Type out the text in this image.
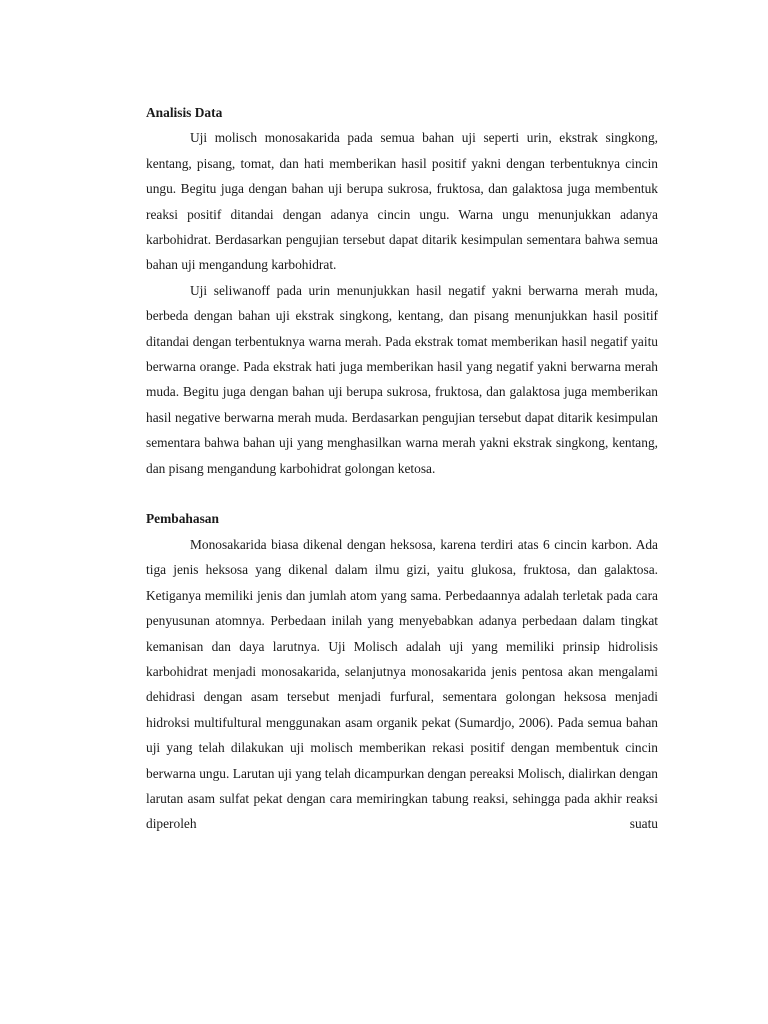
Analisis Data

Uji molisch monosakarida pada semua bahan uji seperti urin, ekstrak singkong, kentang, pisang, tomat, dan hati memberikan hasil positif yakni dengan terbentuknya cincin ungu. Begitu juga dengan bahan uji berupa sukrosa, fruktosa, dan galaktosa juga membentuk reaksi positif ditandai dengan adanya cincin ungu. Warna ungu menunjukkan adanya karbohidrat. Berdasarkan pengujian tersebut dapat ditarik kesimpulan sementara bahwa semua bahan uji mengandung karbohidrat.

Uji seliwanoff pada urin menunjukkan hasil negatif yakni berwarna merah muda, berbeda dengan bahan uji ekstrak singkong, kentang, dan pisang menunjukkan hasil positif ditandai dengan terbentuknya warna merah. Pada ekstrak tomat memberikan hasil negatif yaitu berwarna orange. Pada ekstrak hati juga memberikan hasil yang negatif yakni berwarna merah muda. Begitu juga dengan bahan uji berupa sukrosa, fruktosa, dan galaktosa juga memberikan hasil negative berwarna merah muda. Berdasarkan pengujian tersebut dapat ditarik kesimpulan sementara bahwa bahan uji yang menghasilkan warna merah yakni ekstrak singkong, kentang, dan pisang mengandung karbohidrat golongan ketosa.

Pembahasan

Monosakarida biasa dikenal dengan heksosa, karena terdiri atas 6 cincin karbon. Ada tiga jenis heksosa yang dikenal dalam ilmu gizi, yaitu glukosa, fruktosa, dan galaktosa. Ketiganya memiliki jenis dan jumlah atom yang sama. Perbedaannya adalah terletak pada cara penyusunan atomnya. Perbedaan inilah yang menyebabkan adanya perbedaan dalam tingkat kemanisan dan daya larutnya. Uji Molisch adalah uji yang memiliki prinsip hidrolisis karbohidrat menjadi monosakarida, selanjutnya monosakarida jenis pentosa akan mengalami dehidrasi dengan asam tersebut menjadi furfural, sementara golongan heksosa menjadi hidroksi multifultural menggunakan asam organik pekat (Sumardjo, 2006). Pada semua bahan uji yang telah dilakukan uji molisch memberikan rekasi positif dengan membentuk cincin berwarna ungu. Larutan uji yang telah dicampurkan dengan pereaksi Molisch, dialirkan dengan larutan asam sulfat pekat dengan cara memiringkan tabung reaksi, sehingga pada akhir reaksi diperoleh suatu
